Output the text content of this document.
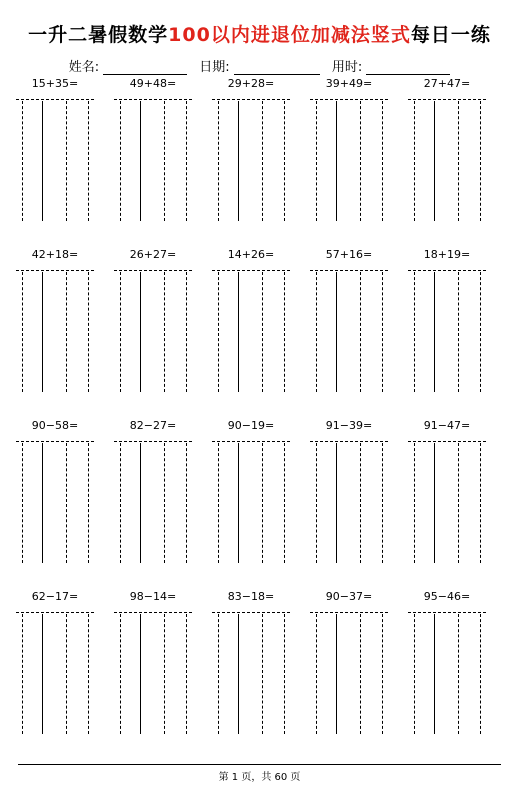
一升二暑假数学100以内进退位加减法竖式每日一练
姓名:	日期:	用时:
15+35=	49+48=	29+28=	39+49=	27+47=
42+18=	26+27=	14+26=	57+16=	18+19=
90−58=	82−27=	90−19=	91−39=	91−47=
62−17=	98−14=	83−18=	90−37=	95−46=
第 1 页，共 60 页
